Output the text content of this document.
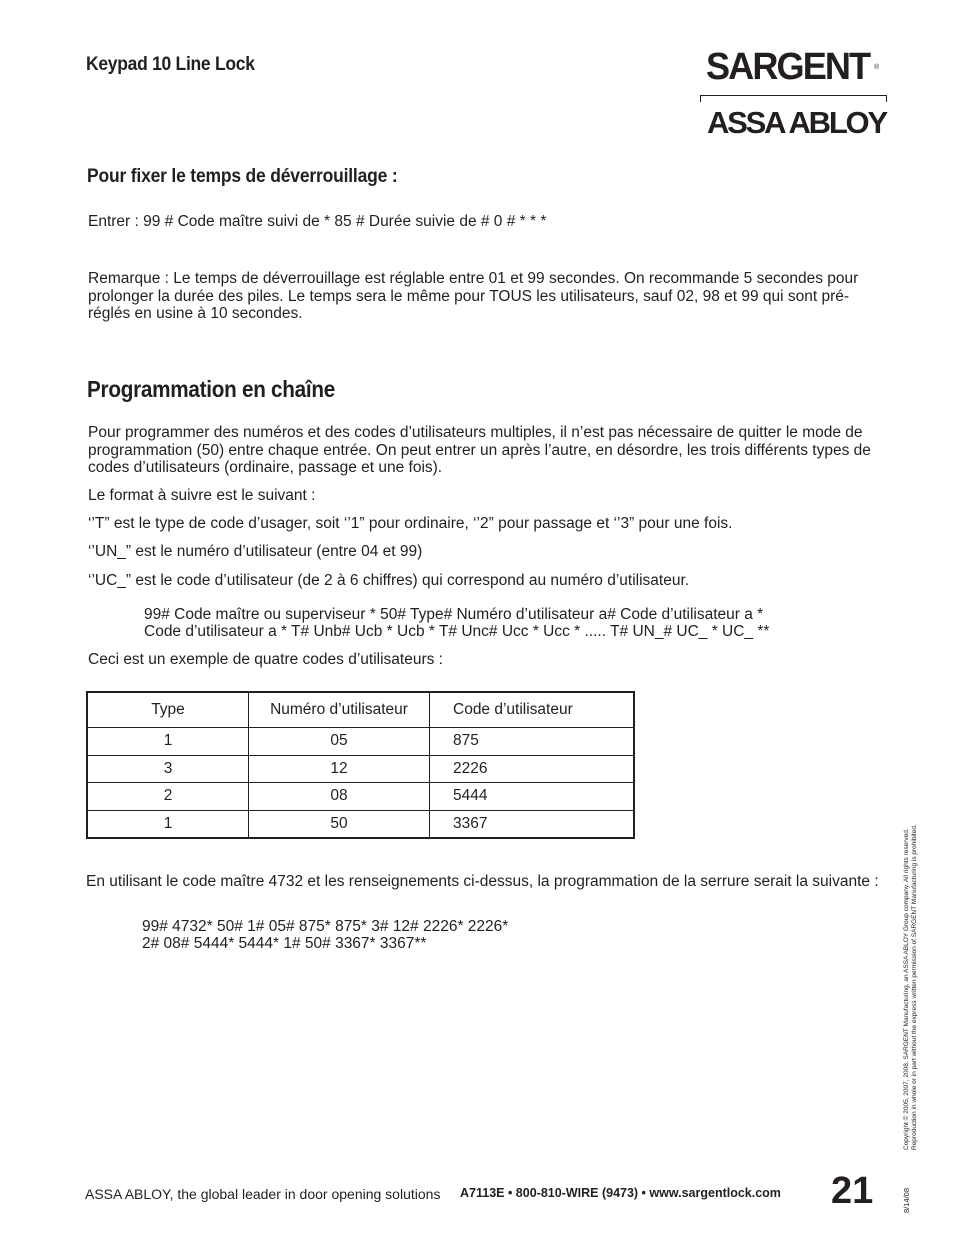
Keypad 10 Line Lock	SARGENT ®
ASSA ABLOY
Pour fixer le temps de déverrouillage :
Entrer : 99 # Code maître suivi de * 85 # Durée suivie de # 0 # * * *
Remarque : Le temps de déverrouillage est réglable entre 01 et 99 secondes. On recommande 5 secondes pour prolonger la durée des piles. Le temps sera le même pour TOUS les utilisateurs, sauf 02, 98 et 99 qui sont pré-réglés en usine à 10 secondes.
Programmation en chaîne
Pour programmer des numéros et des codes d’utilisateurs multiples, il n’est pas nécessaire de quitter le mode de programmation (50) entre chaque entrée. On peut entrer un après l’autre, en désordre, les trois différents types de codes d’utilisateurs (ordinaire, passage et une fois).
Le format à suivre est le suivant :
‘’T” est le type de code d’usager, soit ‘’1” pour ordinaire, ‘’2” pour passage et ‘’3” pour une fois.
‘’UN_” est le numéro d’utilisateur (entre 04 et 99)
‘’UC_” est le code d’utilisateur (de 2 à 6 chiffres) qui correspond au numéro d’utilisateur.
99# Code maître ou superviseur * 50# Type# Numéro d’utilisateur a# Code d’utilisateur a *
Code d’utilisateur a * T# Unb# Ucb * Ucb * T# Unc# Ucc * Ucc * ..... T# UN_# UC_ * UC_ **
Ceci est un exemple de quatre codes d’utilisateurs :
Type	Numéro d’utilisateur	Code d’utilisateur
1	05	875
3	12	2226
2	08	5444
1	50	3367
En utilisant le code maître 4732 et les renseignements ci-dessus, la programmation de la serrure serait la suivante :
99# 4732* 50# 1# 05# 875* 875* 3# 12# 2226* 2226*
2# 08# 5444* 5444* 1# 50# 3367* 3367**	Copyright © 2005, 2007, 2008, SARGENT Manufacturing, an ASSA ABLOY Group company. All rights reserved. Reproduction in whole or in part without the express written permission of SARGENT Manufacturing is prohibited.
8/14/08
ASSA ABLOY, the global leader in door opening solutions A7113E • 800-810-WIRE (9473) • www.sargentlock.com 21
